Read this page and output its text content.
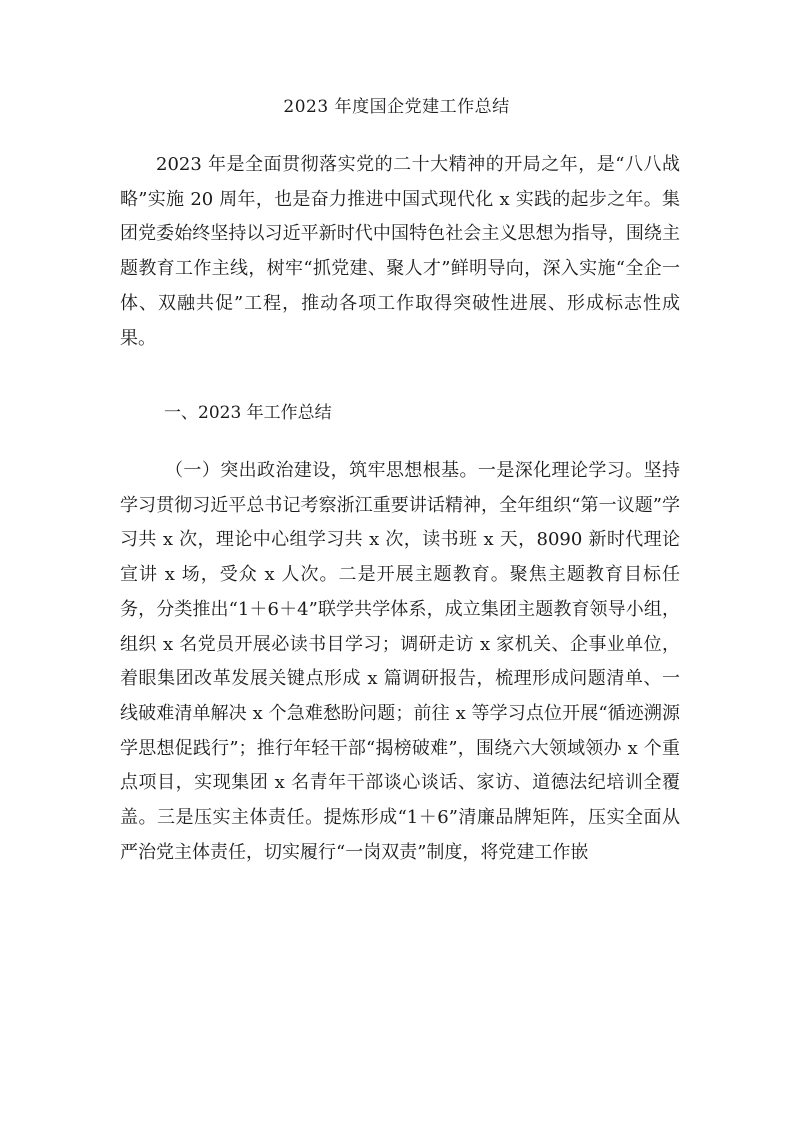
2023 年度国企党建工作总结

2023 年是全面贯彻落实党的二十大精神的开局之年，是“八八战略”实施 20 周年，也是奋力推进中国式现代化 x 实践的起步之年。集团党委始终坚持以习近平新时代中国特色社会主义思想为指导，围绕主题教育工作主线，树牢“抓党建、聚人才”鲜明导向，深入实施“全企一体、双融共促”工程，推动各项工作取得突破性进展、形成标志性成果。

一、2023 年工作总结

（一）突出政治建设，筑牢思想根基。一是深化理论学习。坚持学习贯彻习近平总书记考察浙江重要讲话精神，全年组织“第一议题”学习共 x 次，理论中心组学习共 x 次，读书班 x 天，8090 新时代理论宣讲 x 场，受众 x 人次。二是开展主题教育。聚焦主题教育目标任务，分类推出“1＋6＋4”联学共学体系，成立集团主题教育领导小组，组织 x 名党员开展必读书目学习；调研走访 x 家机关、企事业单位，着眼集团改革发展关键点形成 x 篇调研报告，梳理形成问题清单、一线破难清单解决 x 个急难愁盼问题；前往 x 等学习点位开展“循迹溯源学思想促践行”；推行年轻干部“揭榜破难”，围绕六大领域领办 x 个重点项目，实现集团 x 名青年干部谈心谈话、家访、道德法纪培训全覆盖。三是压实主体责任。提炼形成“1＋6”清廉品牌矩阵，压实全面从严治党主体责任，切实履行“一岗双责”制度，将党建工作嵌
